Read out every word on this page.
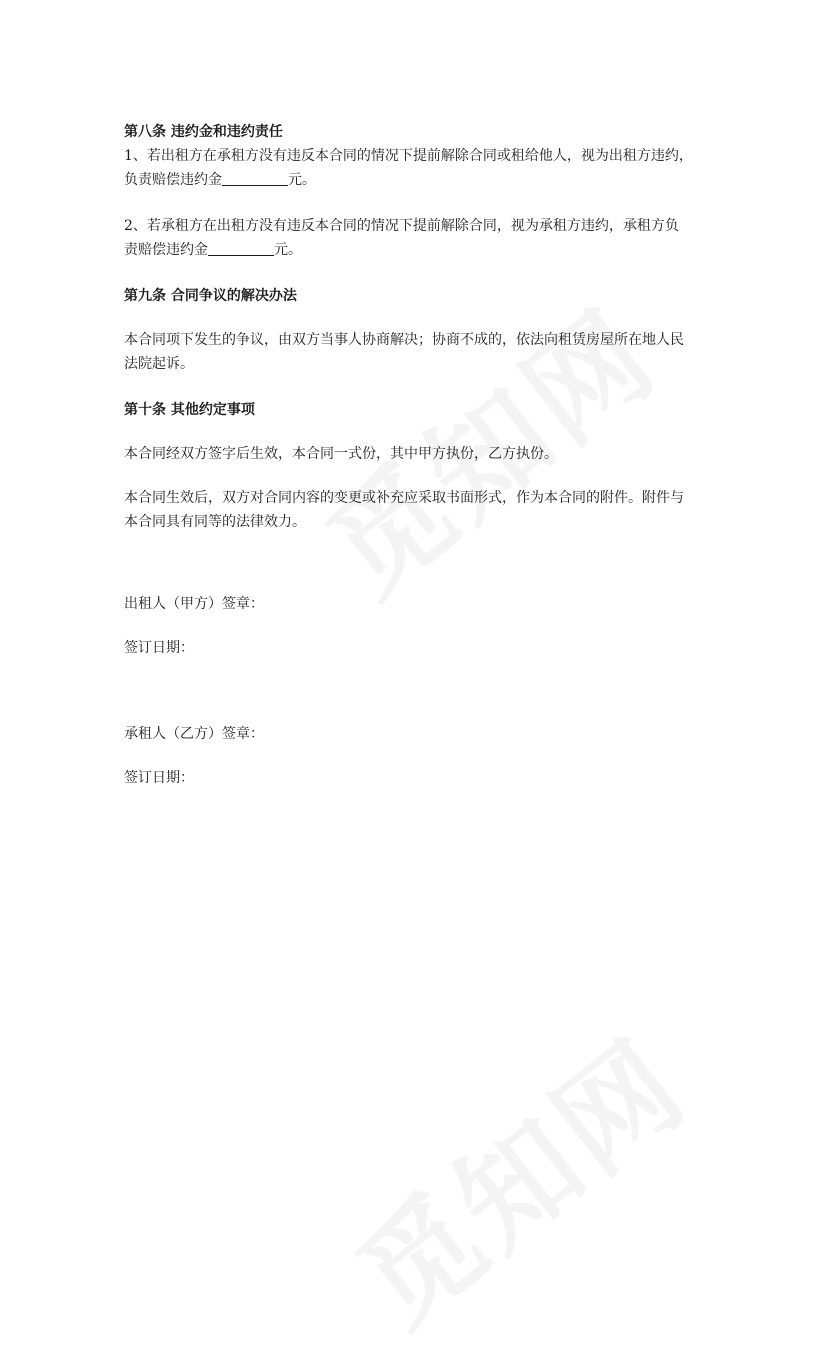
第八条 违约金和违约责任

1、若出租方在承租方没有违反本合同的情况下提前解除合同或租给他人，视为出租方违约，

负责赔偿违约金	元。

2、若承租方在出租方没有违反本合同的情况下提前解除合同，视为承租方违约，承租方负

责赔偿违约金	元。

第九条 合同争议的解决办法

本合同项下发生的争议，由双方当事人协商解决；协商不成的，依法向租赁房屋所在地人民

法院起诉。

第十条 其他约定事项

本合同经双方签字后生效，本合同一式份，其中甲方执份，乙方执份。

本合同生效后，双方对合同内容的变更或补充应采取书面形式，作为本合同的附件。附件与

本合同具有同等的法律效力。

出租人（甲方）签章：

签订日期：

承租人（乙方）签章：

签订日期：
